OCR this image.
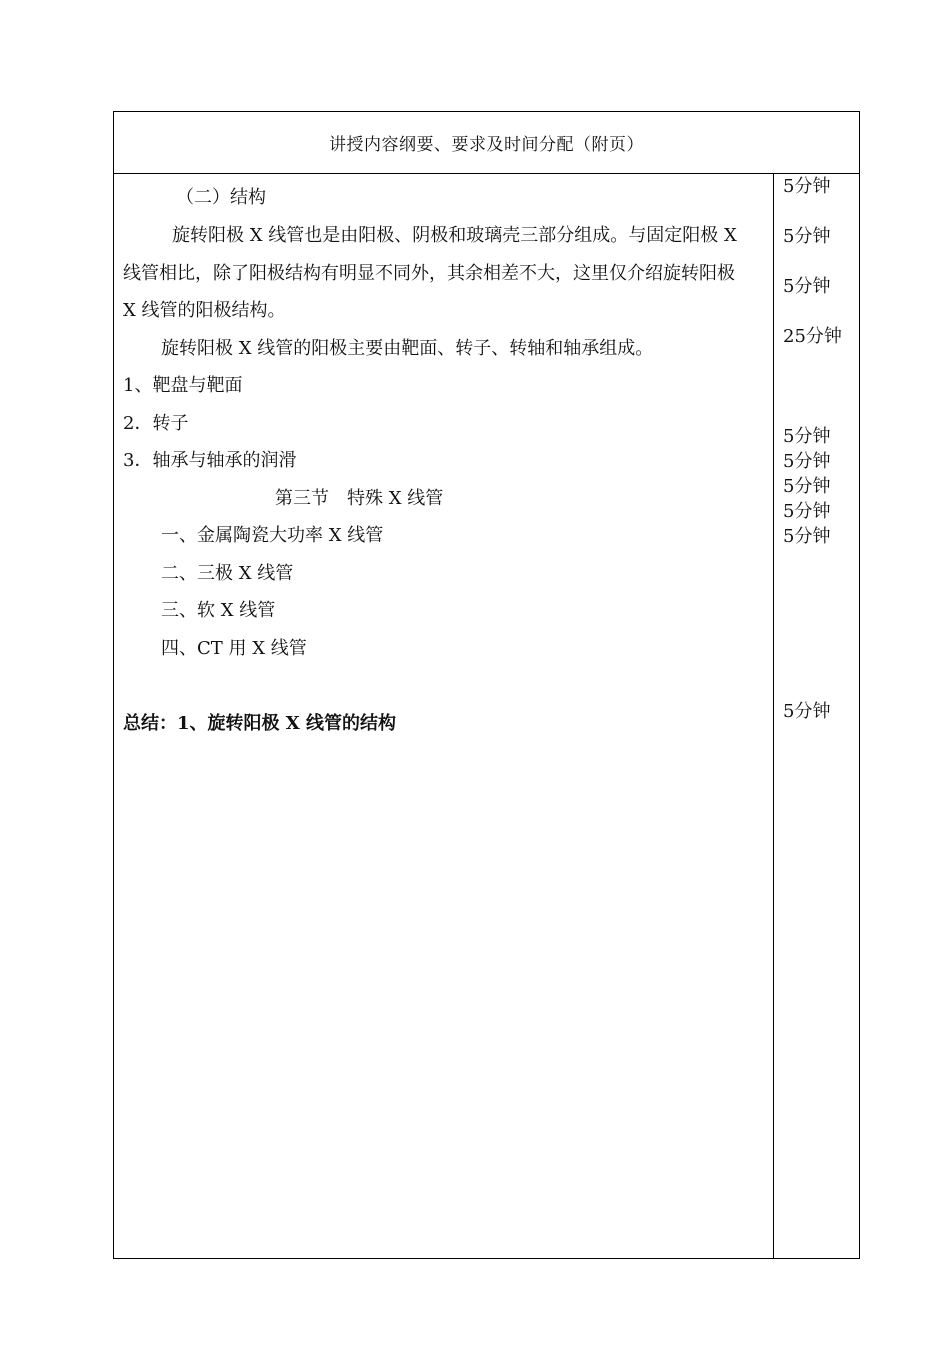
讲授内容纲要、要求及时间分配（附页）
（二）结构
旋转阳极 X 线管也是由阳极、阴极和玻璃壳三部分组成。与固定阳极 X
线管相比，除了阳极结构有明显不同外，其余相差不大，这里仅介绍旋转阳极
X 线管的阳极结构。
旋转阳极 X 线管的阳极主要由靶面、转子、转轴和轴承组成。
1、靶盘与靶面
2．转子
3．轴承与轴承的润滑
第三节　特殊 X 线管
一、金属陶瓷大功率 X 线管
二、三极 X 线管
三、软 X 线管
四、CT 用 X 线管
总结：1、旋转阳极 X 线管的结构
5分钟
5分钟
5分钟
25分钟
5分钟
5分钟
5分钟
5分钟
5分钟
5分钟
